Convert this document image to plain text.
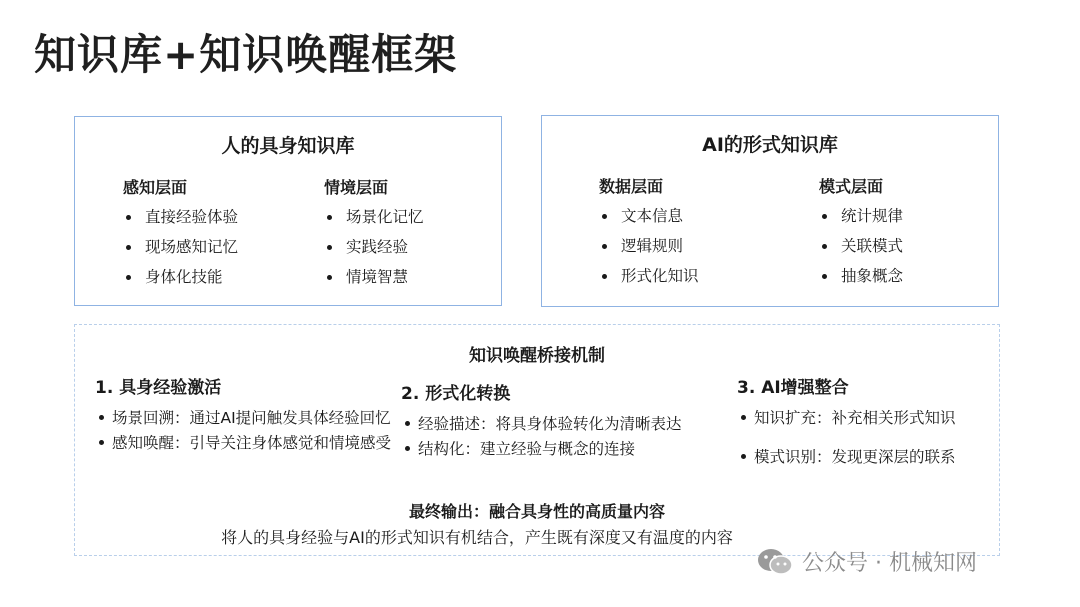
知识库+知识唤醒框架
人的具身知识库
感知层面
直接经验体验
现场感知记忆
身体化技能
情境层面
场景化记忆
实践经验
情境智慧
AI的形式知识库
数据层面
文本信息
逻辑规则
形式化知识
模式层面
统计规律
关联模式
抽象概念
知识唤醒桥接机制
1. 具身经验激活
场景回溯：通过AI提问触发具体经验回忆
感知唤醒：引导关注身体感觉和情境感受
2. 形式化转换
经验描述：将具身体验转化为清晰表达
结构化：建立经验与概念的连接
3. AI增强整合
知识扩充：补充相关形式知识
模式识别：发现更深层的联系
最终输出：融合具身性的高质量内容
将人的具身经验与AI的形式知识有机结合，产生既有深度又有温度的内容
公众号 · 机械知网
